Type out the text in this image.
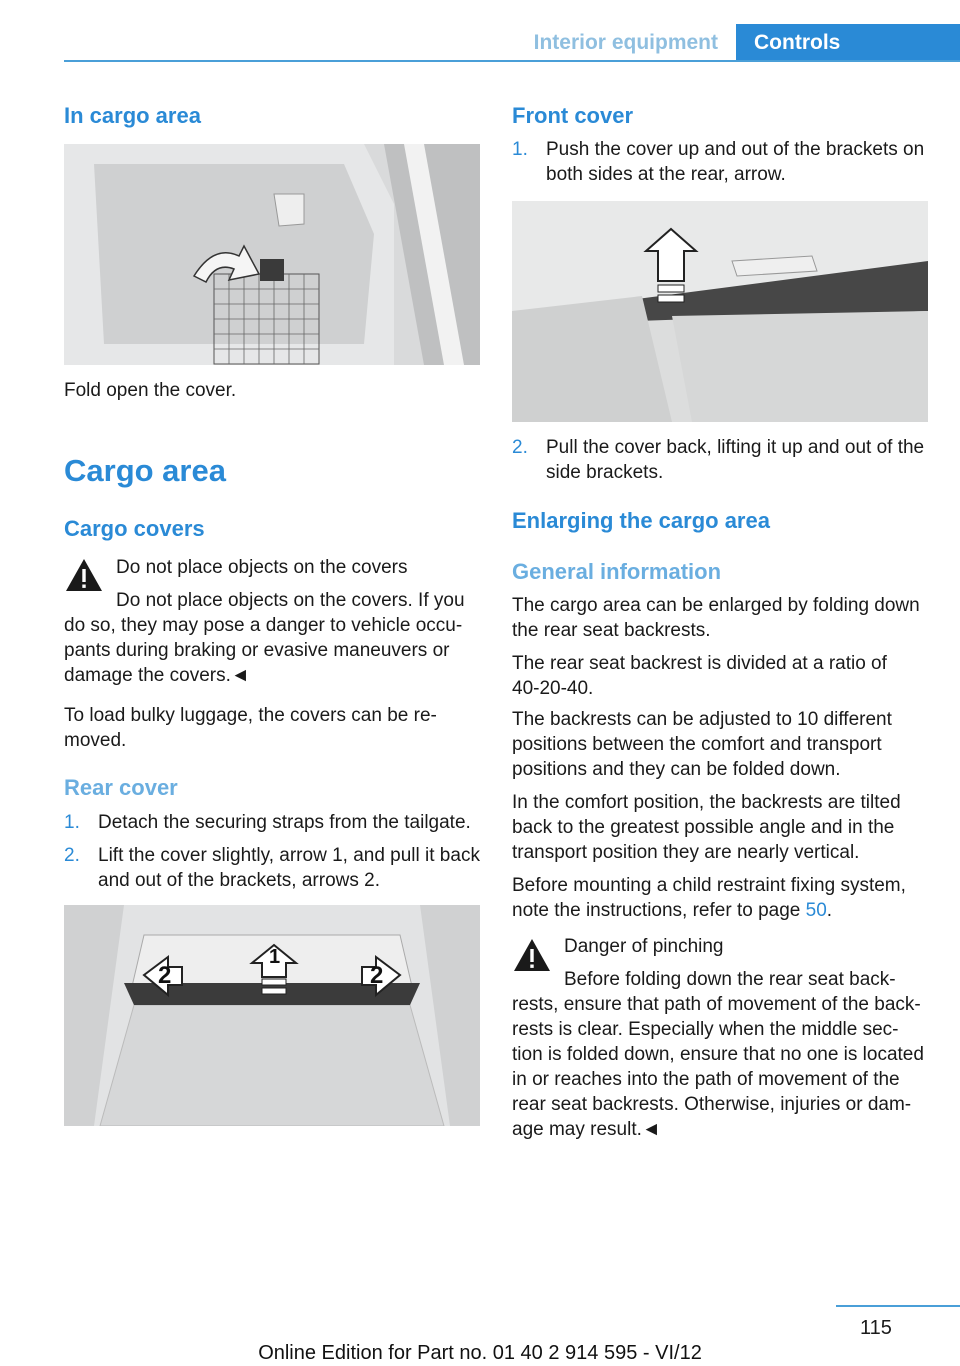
Interior equipment	Controls
In cargo area

Fold open the cover.

Cargo area
Cargo covers

Do not place objects on the covers

Do not place objects on the covers. If you

do so, they may pose a danger to vehicle occu-pants during braking or evasive maneuvers or damage the covers.◄

To load bulky luggage, the covers can be re-moved.

Rear cover
1. Detach the securing straps from the tailgate.
2. Lift the cover slightly, arrow 1, and pull it back and out of the brackets, arrows 2.
1
2	2
Front cover
1. Push the cover up and out of the brackets on both sides at the rear, arrow.
2. Pull the cover back, lifting it up and out of the side brackets.
Enlarging the cargo area
General information

The cargo area can be enlarged by folding down the rear seat backrests.

The rear seat backrest is divided at a ratio of 40-20-40.

The backrests can be adjusted to 10 different positions between the comfort and transport positions and they can be folded down.

In the comfort position, the backrests are tilted back to the greatest possible angle and in the transport position they are nearly vertical.

Before mounting a child restraint fixing system, note the instructions, refer to page 50.

Danger of pinching

Before folding down the rear seat back-

rests, ensure that path of movement of the back-rests is clear. Especially when the middle sec-tion is folded down, ensure that no one is located in or reaches into the path of movement of the rear seat backrests. Otherwise, injuries or dam-age may result.◄

115
Online Edition for Part no. 01 40 2 914 595 - VI/12
